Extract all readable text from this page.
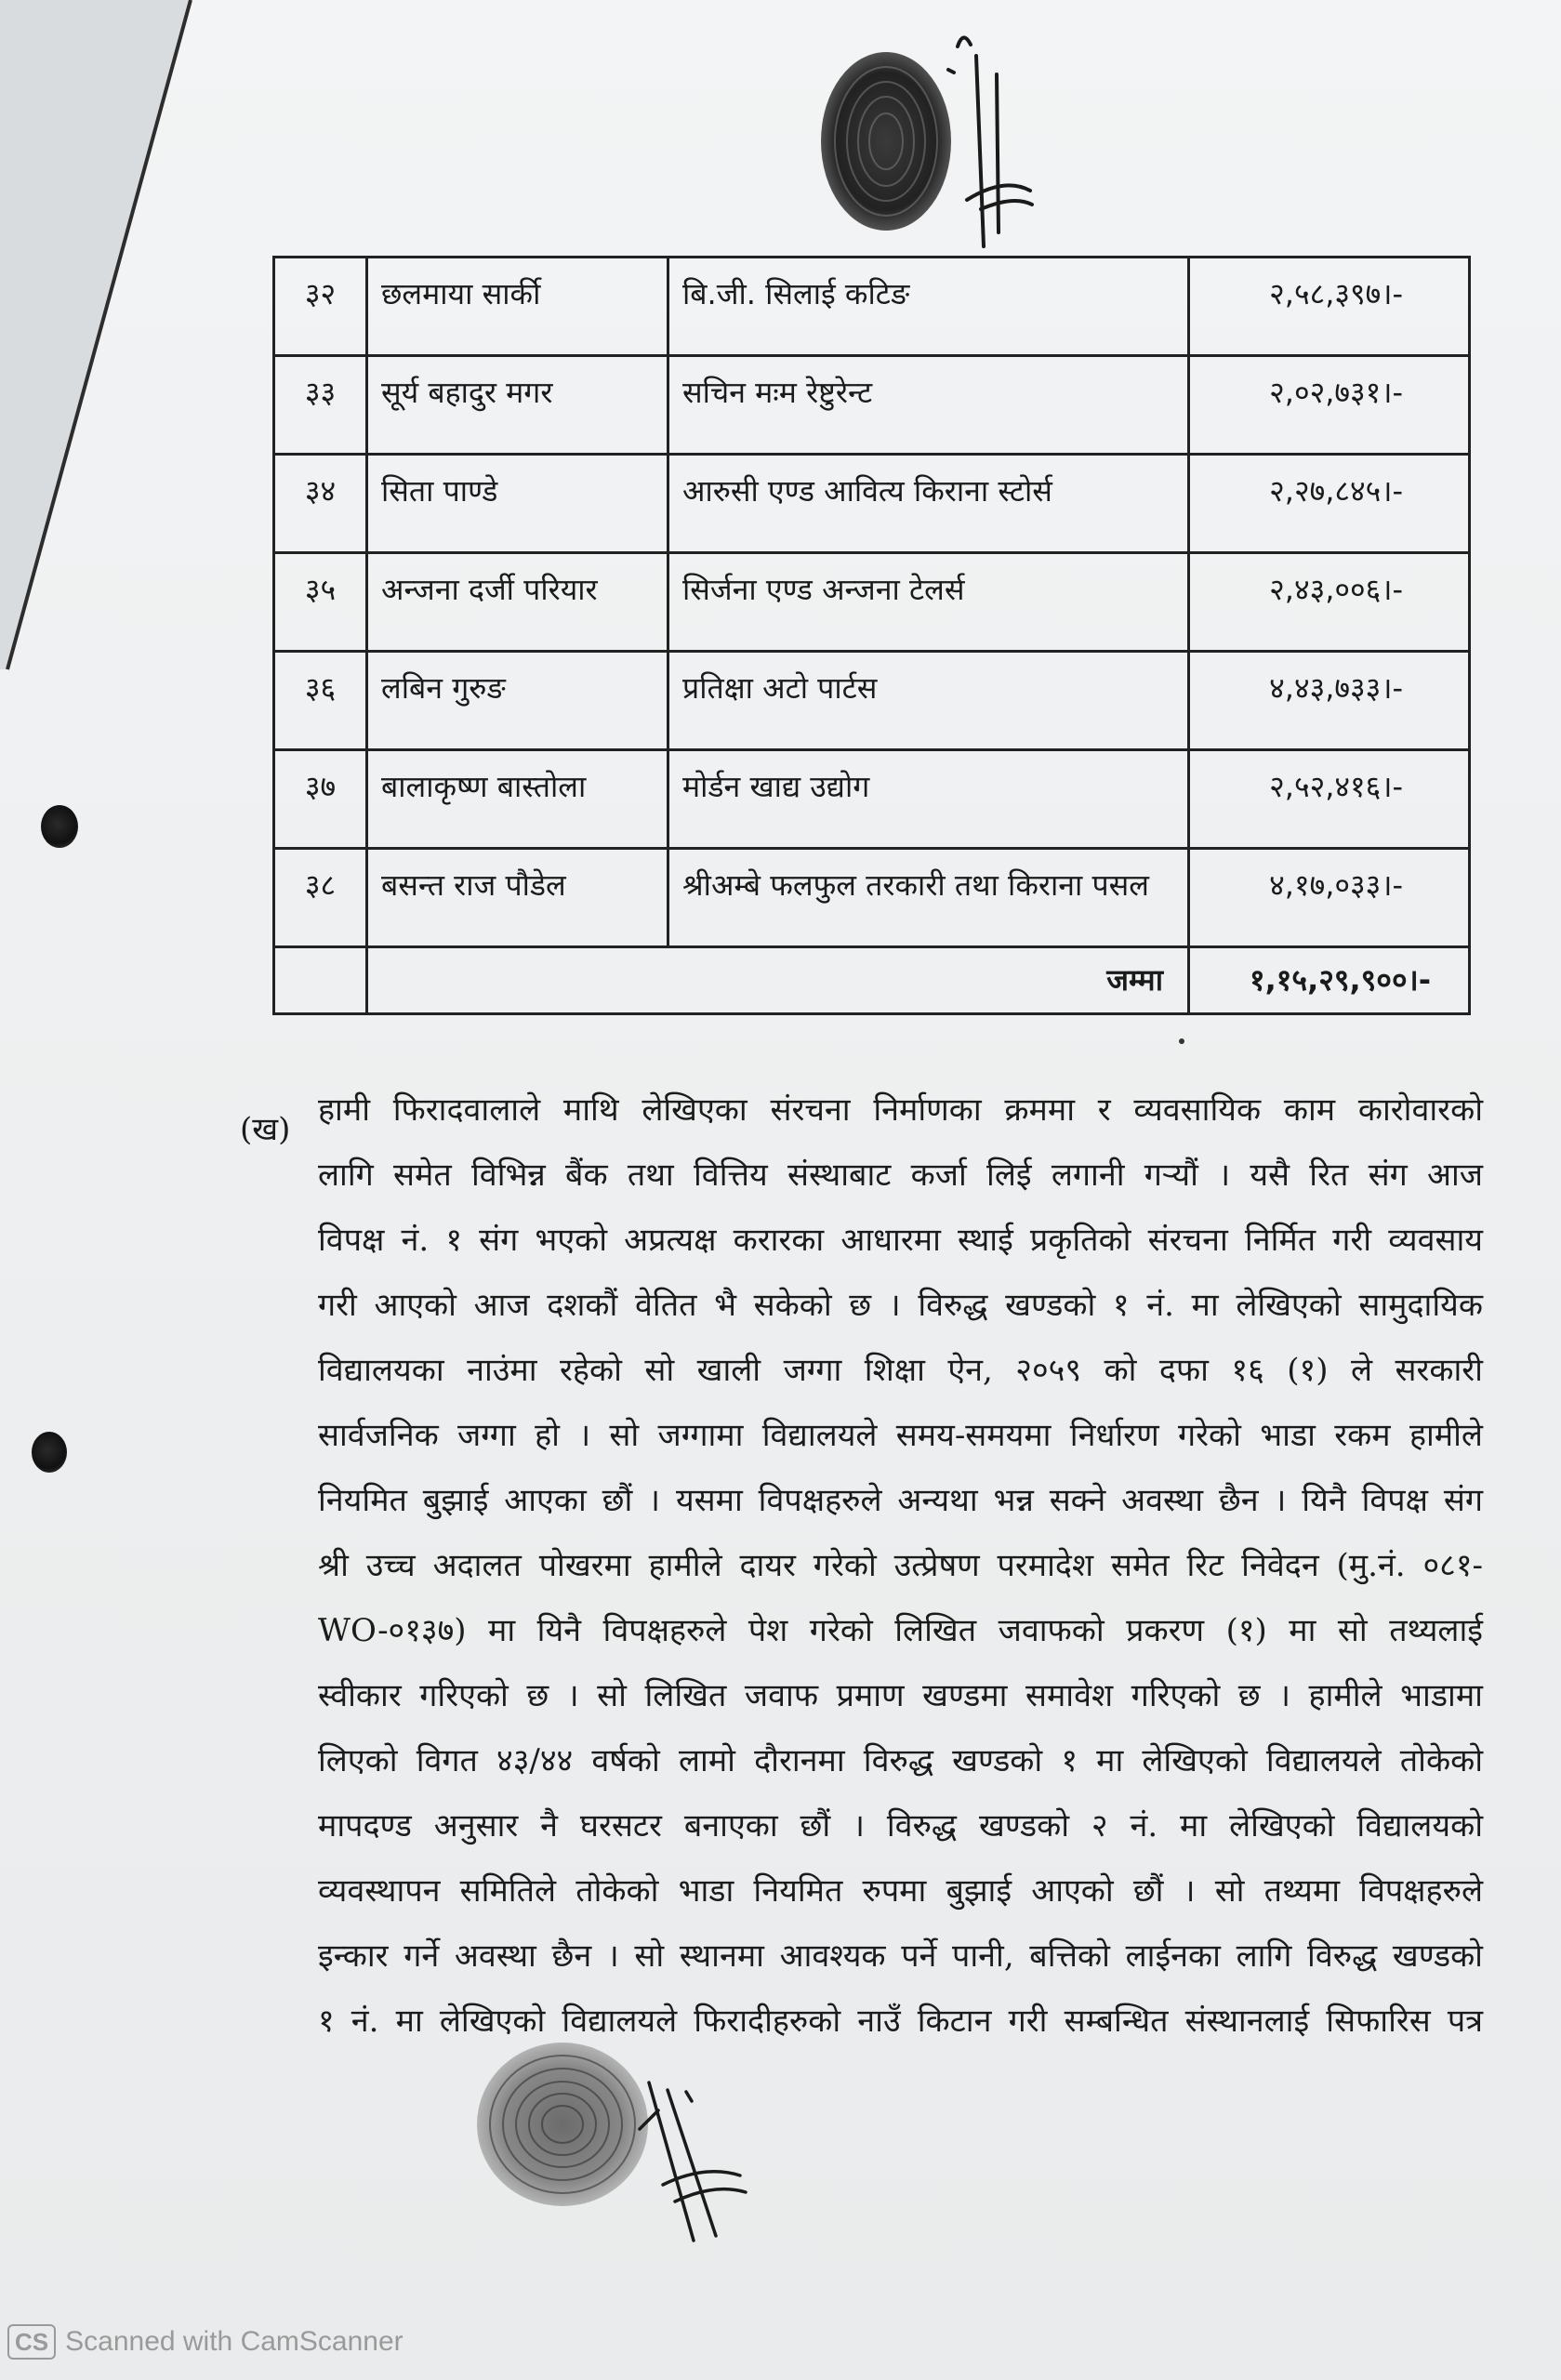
३२	छलमाया सार्की	बि.जी. सिलाई कटिङ	२,५८,३९७।-
३३	सूर्य बहादुर मगर	सचिन मःम रेष्टुरेन्ट	२,०२,७३१।-
३४	सिता पाण्डे	आरुसी एण्ड आवित्य किराना स्टोर्स	२,२७,८४५।-
३५	अन्जना दर्जी परियार	सिर्जना एण्ड अन्जना टेलर्स	२,४३,००६।-
३६	लबिन गुरुङ	प्रतिक्षा अटो पार्टस	४,४३,७३३।-
३७	बालाकृष्ण बास्तोला	मोर्डन खाद्य उद्योग	२,५२,४१६।-
३८	बसन्त राज पौडेल	श्रीअम्बे फलफुल तरकारी तथा किराना पसल	४,१७,०३३।-
	जम्मा		१,१५,२९,९००।-
(ख)
हामी फिरादवालाले माथि लेखिएका संरचना निर्माणका क्रममा र व्यवसायिक काम कारोवारको
लागि समेत विभिन्न बैंक तथा वित्तिय संस्थाबाट कर्जा लिई लगानी गर्‍यौं । यसै रित संग आज
विपक्ष नं. १ संग भएको अप्रत्यक्ष करारका आधारमा स्थाई प्रकृतिको संरचना निर्मित गरी व्यवसाय
गरी आएको आज दशकौं वेतित भै सकेको छ । विरुद्ध खण्डको १ नं. मा लेखिएको सामुदायिक
विद्यालयका नाउंमा रहेको सो खाली जग्गा शिक्षा ऐन, २०५९ को दफा १६ (१) ले सरकारी
सार्वजनिक जग्गा हो । सो जग्गामा विद्यालयले समय-समयमा निर्धारण गरेको भाडा रकम हामीले
नियमित बुझाई आएका छौं । यसमा विपक्षहरुले अन्यथा भन्न सक्ने अवस्था छैन । यिनै विपक्ष संग
श्री उच्च अदालत पोखरमा हामीले दायर गरेको उत्प्रेषण परमादेश समेत रिट निवेदन (मु.नं. ०८१-
WO-०१३७) मा यिनै विपक्षहरुले पेश गरेको लिखित जवाफको प्रकरण (१) मा सो तथ्यलाई
स्वीकार गरिएको छ । सो लिखित जवाफ प्रमाण खण्डमा समावेश गरिएको छ । हामीले भाडामा
लिएको विगत ४३/४४ वर्षको लामो दौरानमा विरुद्ध खण्डको १ मा लेखिएको विद्यालयले तोकेको
मापदण्ड अनुसार नै घरसटर बनाएका छौं । विरुद्ध खण्डको २ नं. मा लेखिएको विद्यालयको
व्यवस्थापन समितिले तोकेको भाडा नियमित रुपमा बुझाई आएको छौं । सो तथ्यमा विपक्षहरुले
इन्कार गर्ने अवस्था छैन । सो स्थानमा आवश्यक पर्ने पानी, बत्तिको लाईनका लागि विरुद्ध खण्डको
१ नं. मा लेखिएको विद्यालयले फिरादीहरुको नाउँ किटान गरी सम्बन्धित संस्थानलाई सिफारिस पत्र
CS Scanned with CamScanner
